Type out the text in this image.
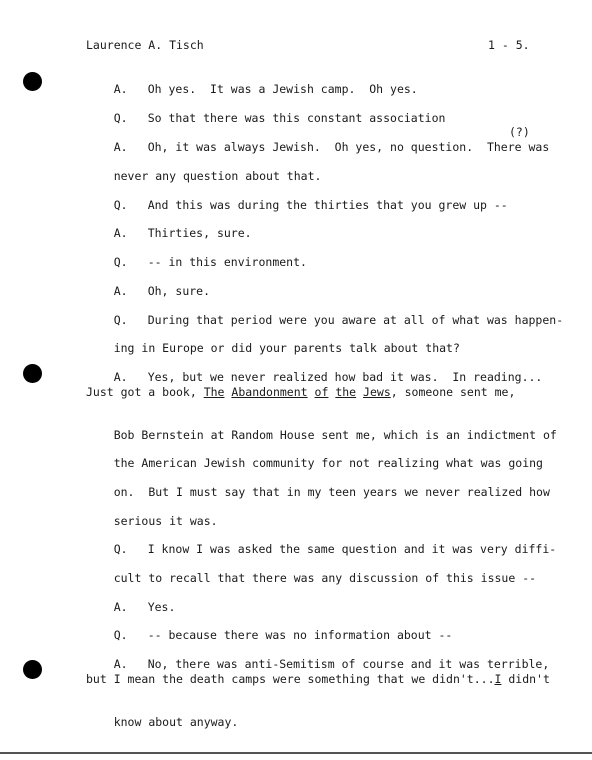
Laurence A. Tisch	1 - 5.

A. Oh yes.  It was a Jewish camp.  Oh yes.

Q. So that there was this constant association

(?)

A. Oh, it was always Jewish.  Oh yes, no question.  There was

never any question about that.

Q. And this was during the thirties that you grew up --

A. Thirties, sure.

Q. -- in this environment.

A. Oh, sure.

Q. During that period were you aware at all of what was happen-

ing in Europe or did your parents talk about that?

A. Yes, but we never realized how bad it was.  In reading...

Just got a book, The Abandonment of the Jews, someone sent me,

Bob Bernstein at Random House sent me, which is an indictment of

the American Jewish community for not realizing what was going

on.  But I must say that in my teen years we never realized how

serious it was.

Q. I know I was asked the same question and it was very diffi-

cult to recall that there was any discussion of this issue --

A. Yes.

Q. -- because there was no information about --

A. No, there was anti-Semitism of course and it was terrible,

but I mean the death camps were something that we didn't...I didn't

know about anyway.
